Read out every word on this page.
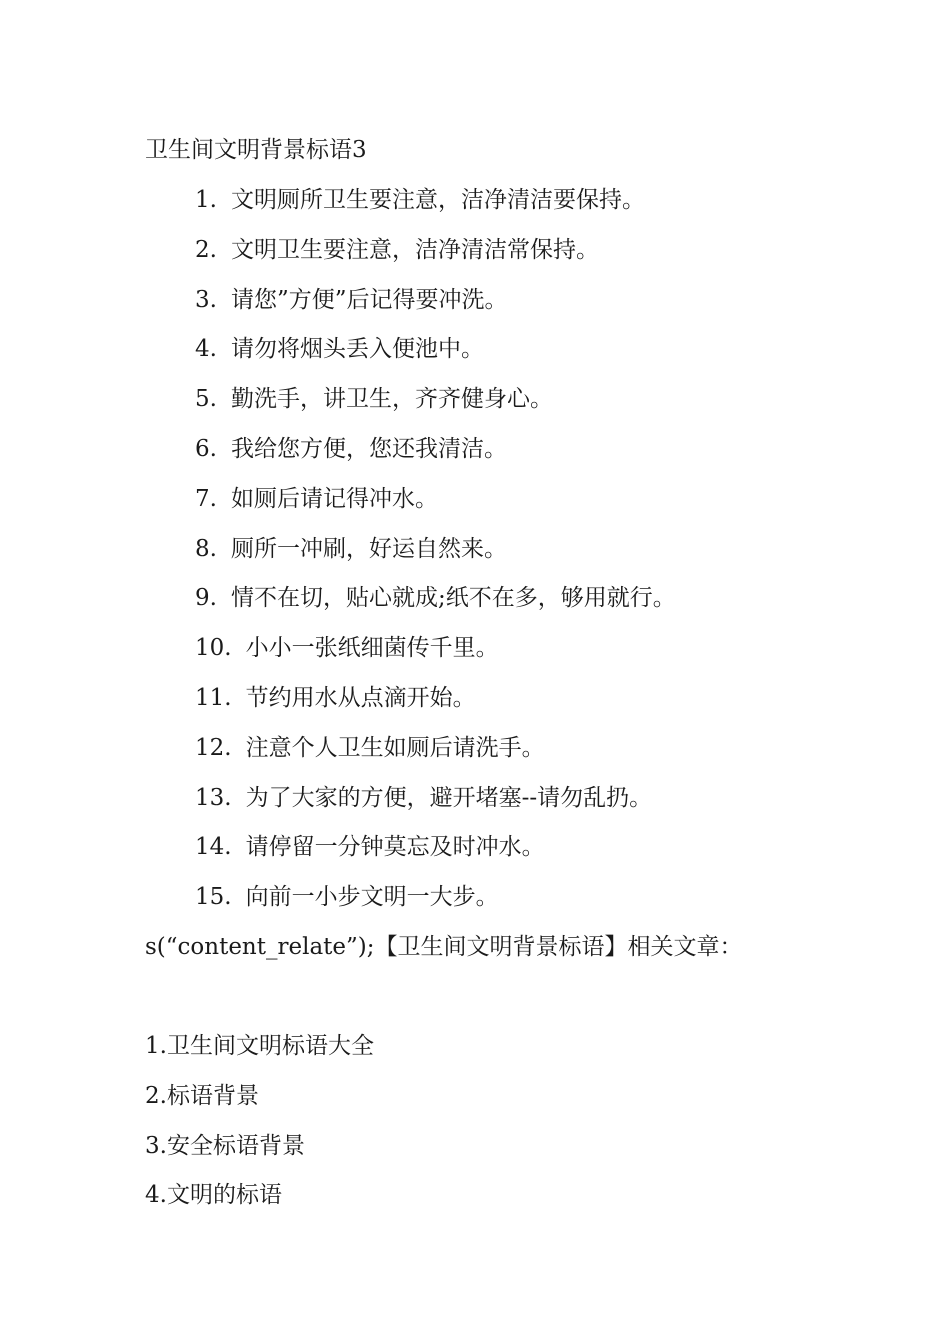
卫生间文明背景标语3
1. 文明厕所卫生要注意，洁净清洁要保持。
2. 文明卫生要注意，洁净清洁常保持。
3. 请您”方便”后记得要冲洗。
4. 请勿将烟头丢入便池中。
5. 勤洗手，讲卫生，齐齐健身心。
6. 我给您方便，您还我清洁。
7. 如厕后请记得冲水。
8. 厕所一冲刷，好运自然来。
9. 情不在切，贴心就成;纸不在多，够用就行。
10. 小小一张纸细菌传千里。
11. 节约用水从点滴开始。
12. 注意个人卫生如厕后请洗手。
13. 为了大家的方便，避开堵塞--请勿乱扔。
14. 请停留一分钟莫忘及时冲水。
15. 向前一小步文明一大步。
s(“content_relate”);【卫生间文明背景标语】相关文章：
1.卫生间文明标语大全
2.标语背景
3.安全标语背景
4.文明的标语
